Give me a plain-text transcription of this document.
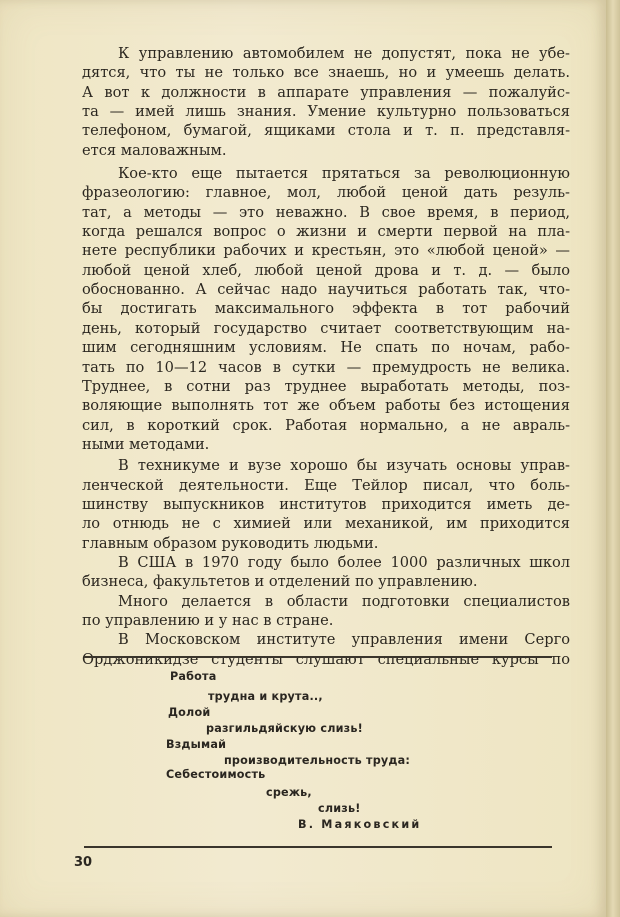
К управлению автомобилем не допустят, пока не убе-
дятся, что ты не только все знаешь, но и умеешь делать.
А вот к должности в аппарате управления — пожалуйс-
та — имей лишь знания. Умение культурно пользоваться
телефоном, бумагой, ящиками стола и т. п. представля-
ется маловажным.
Кое-кто еще пытается прятаться за революционную
фразеологию: главное, мол, любой ценой дать резуль-
тат, а методы — это неважно. В свое время, в период,
когда решался вопрос о жизни и смерти первой на пла-
нете республики рабочих и крестьян, это «любой ценой» —
любой ценой хлеб, любой ценой дрова и т. д. — было
обоснованно. А сейчас надо научиться работать так, что-
бы достигать максимального эффекта в тот рабочий
день, который государство считает соответствующим на-
шим сегодняшним условиям. Не спать по ночам, рабо-
тать по 10—12 часов в сутки — премудрость не велика.
Труднее, в сотни раз труднее выработать методы, поз-
воляющие выполнять тот же объем работы без истощения
сил, в короткий срок. Работая нормально, а не авраль-
ными методами.
В техникуме и вузе хорошо бы изучать основы управ-
ленческой деятельности. Еще Тейлор писал, что боль-
шинству выпускников институтов приходится иметь де-
ло отнюдь не с химией или механикой, им приходится
главным образом руководить людьми.
В США в 1970 году было более 1000 различных школ
бизнеса, факультетов и отделений по управлению.
Много делается в области подготовки специалистов
по управлению и у нас в стране.
В Московском институте управления имени Серго
Орджоникидзе студенты слушают специальные курсы по
Работа
трудна и крута..,
Долой
разгильдяйскую слизь!
Вздымай
производительность труда:
Себестоимость
срежь,
слизь!
В. Маяковский
30
